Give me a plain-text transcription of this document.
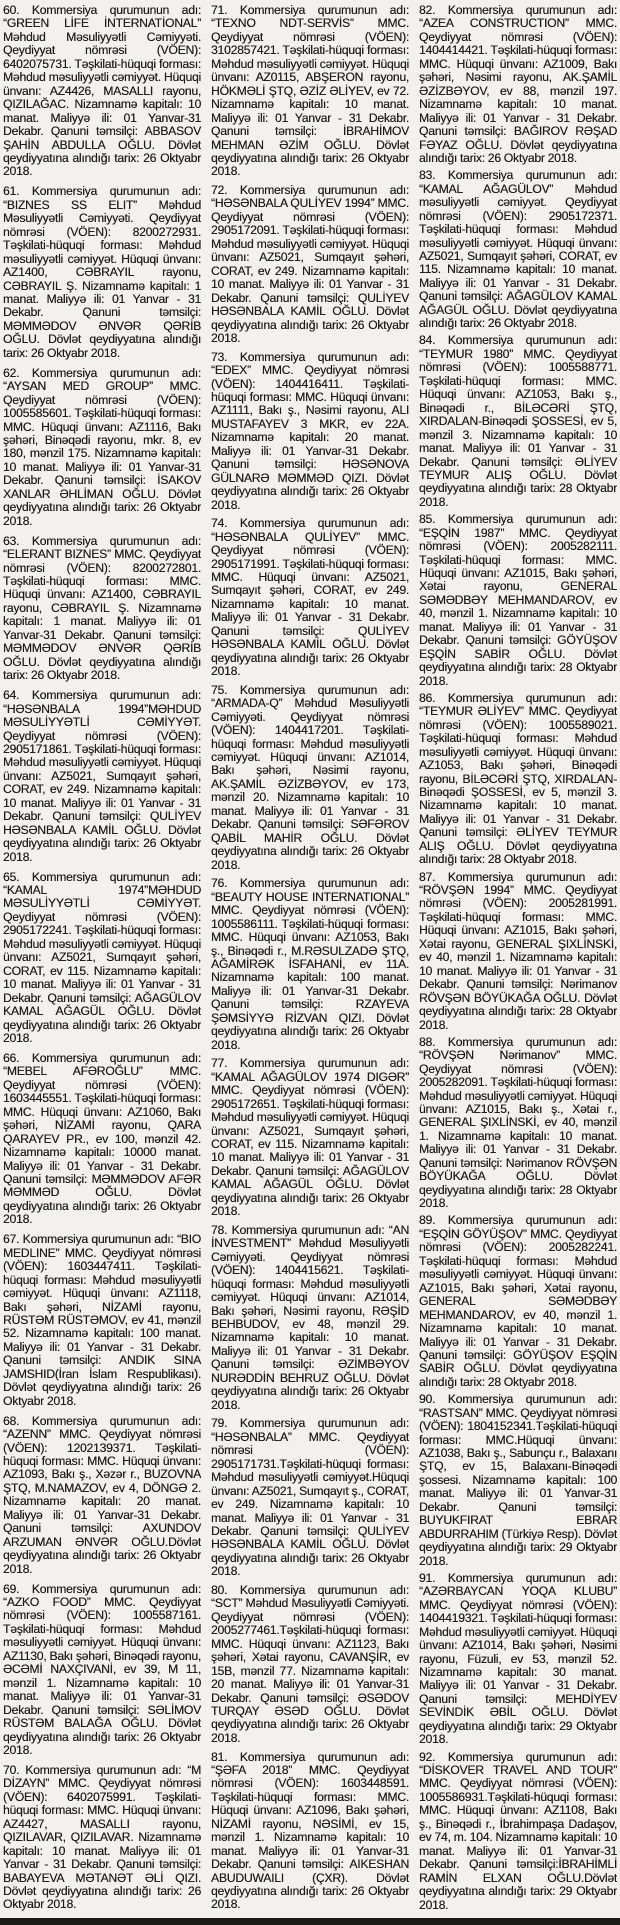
60. Kommersiya qurumunun adı: “GREEN LİFE İNTERNATİONAL” Məhdud Məsuliyyətli Cəmiyyəti. Qeydiyyat nömrəsi (VÖEN): 6402075731. Təşkilati-hüquqi forması: Məhdud məsuliyyətli cəmiyyət. Hüquqi ünvanı: AZ4426, MASALLI rayonu, QIZILAĞAC. Nizamnamə kapitalı: 10 manat. Maliyyə ili: 01 Yanvar-31 Dekabr. Qanuni təmsilçi: ABBASOV ŞAHİN ABDULLA OĞLU. Dövlət qeydiyyatına alındığı tarix: 26 Oktyabr 2018.

61. Kommersiya qurumunun adı: “BIZNES SS ELIT” Məhdud Məsuliyyətli Cəmiyyəti. Qeydiyyat nömrəsi (VÖEN): 8200272931. Təşkilati-hüquqi forması: Məhdud məsuliyyətli cəmiyyət. Hüquqi ünvanı: AZ1400, CƏBRAYIL rayonu, CƏBRAYIL Ş. Nizamnamə kapitalı: 1 manat. Maliyyə ili: 01 Yanvar - 31 Dekabr. Qanuni təmsilçi: MƏMMƏDOV ƏNVƏR QƏRİB OĞLU. Dövlət qeydiyyatına alındığı tarix: 26 Oktyabr 2018.

62. Kommersiya qurumunun adı: “AYSAN MED GROUP” MMC. Qeydiyyat nömrəsi (VÖEN): 1005585601. Təşkilati-hüquqi forması: MMC. Hüquqi ünvanı: AZ1116, Bakı şəhəri, Binəqədi rayonu, mkr. 8, ev 180, mənzil 175. Nizamnamə kapitalı: 10 manat. Maliyyə ili: 01 Yanvar-31 Dekabr. Qanuni təmsilçi: İSAKOV XANLAR ƏHLİMAN OĞLU. Dövlət qeydiyyatına alındığı tarix: 26 Oktyabr 2018.

63. Kommersiya qurumunun adı: “ELERANT BIZNES” MMC. Qeydiyyat nömrəsi (VÖEN): 8200272801. Təşkilati-hüquqi forması: MMC. Hüquqi ünvanı: AZ1400, CƏBRAYIL rayonu, CƏBRAYIL Ş. Nizamnamə kapitalı: 1 manat. Maliyyə ili: 01 Yanvar-31 Dekabr. Qanuni təmsilçi: MƏMMƏDOV ƏNVƏR QƏRİB OĞLU. Dövlət qeydiyyatına alındığı tarix: 26 Oktyabr 2018.

64. Kommersiya qurumunun adı: “HƏSƏNBALA 1994”MƏHDUD MƏSULİYYƏTLİ CƏMİYYƏT. Qeydiyyat nömrəsi (VÖEN): 2905171861. Təşkilati-hüquqi forması: Məhdud məsuliyyətli cəmiyyət. Hüquqi ünvanı: AZ5021, Sumqayıt şəhəri, CORAT, ev 249. Nizamnamə kapitalı: 10 manat. Maliyyə ili: 01 Yanvar - 31 Dekabr. Qanuni təmsilçi: QULİYEV HƏSƏNBALA KAMİL OĞLU. Dövlət qeydiyyatına alındığı tarix: 26 Oktyabr 2018.

65. Kommersiya qurumunun adı: “KAMAL 1974”MƏHDUD MƏSULİYYƏTLİ CƏMİYYƏT. Qeydiyyat nömrəsi (VÖEN): 2905172241. Təşkilati-hüquqi forması: Məhdud məsuliyyətli cəmiyyət. Hüquqi ünvanı: AZ5021, Sumqayıt şəhəri, CORAT, ev 115. Nizamnamə kapitalı: 10 manat. Maliyyə ili: 01 Yanvar - 31 Dekabr. Qanuni təmsilçi: AĞAGÜLOV KAMAL AĞAGÜL OĞLU. Dövlət qeydiyyatına alındığı tarix: 26 Oktyabr 2018.

66. Kommersiya qurumunun adı: “MEBEL AFƏROĞLU” MMC. Qeydiyyat nömrəsi (VÖEN): 1603445551. Təşkilati-hüquqi forması: MMC. Hüquqi ünvanı: AZ1060, Bakı şəhəri, NİZAMİ rayonu, QARA QARAYEV PR., ev 100, mənzil 42. Nizamnamə kapitalı: 10000 manat. Maliyyə ili: 01 Yanvar - 31 Dekabr. Qanuni təmsilçi: MƏMMƏDOV AFƏR MƏMMƏD OĞLU. Dövlət qeydiyyatına alındığı tarix: 26 Oktyabr 2018.

67. Kommersiya qurumunun adı: “BIO MEDLINE” MMC. Qeydiyyat nömrəsi (VÖEN): 1603447411. Təşkilati-hüquqi forması: Məhdud məsuliyyətli cəmiyyət. Hüquqi ünvanı: AZ1118, Bakı şəhəri, NİZAMİ rayonu, RÜSTƏM RÜSTƏMOV, ev 41, mənzil 52. Nizamnamə kapitalı: 100 manat. Maliyyə ili: 01 Yanvar - 31 Dekabr. Qanuni təmsilçi: ANDIK SINA JAMSHID(İran İslam Respublikası). Dövlət qeydiyyatına alındığı tarix: 26 Oktyabr 2018.

68. Kommersiya qurumunun adı: “AZENN” MMC. Qeydiyyat nömrəsi (VÖEN): 1202139371. Təşkilati-hüquqi forması: MMC. Hüquqi ünvanı: AZ1093, Bakı ş., Xəzər r., BUZOVNA ŞTQ, M.NAMAZOV, ev 4, DÖNGƏ 2. Nizamnamə kapitalı: 20 manat. Maliyyə ili: 01 Yanvar-31 Dekabr. Qanuni təmsilçi: AXUNDOV ARZUMAN ƏNVƏR OĞLU.Dövlət qeydiyyatına alındığı tarix: 26 Oktyabr 2018.

69. Kommersiya qurumunun adı: “AZKO FOOD” MMC. Qeydiyyat nömrəsi (VÖEN): 1005587161. Təşkilati-hüquqi forması: Məhdud məsuliyyətli cəmiyyət. Hüquqi ünvanı: AZ1130, Bakı şəhəri, Binəqədi rayonu, ƏCƏMİ NAXÇIVANİ, ev 39, M 11, mənzil 1. Nizamnamə kapitalı: 10 manat. Maliyyə ili: 01 Yanvar-31 Dekabr. Qanuni təmsilçi: SƏLİMOV RÜSTƏM BALAĞA OĞLU. Dövlət qeydiyyatına alındığı tarix: 26 Oktyabr 2018.

70. Kommersiya qurumunun adı: “M DİZAYN” MMC. Qeydiyyat nömrəsi (VÖEN): 6402075991. Təşkilati-hüquqi forması: MMC. Hüquqi ünvanı: AZ4427, MASALLI rayonu, QIZILAVAR, QIZILAVAR. Nizamnamə kapitalı: 10 manat. Maliyyə ili: 01 Yanvar - 31 Dekabr. Qanuni təmsilçi: BABAYEVA MƏTANƏT ƏLİ QIZI. Dövlət qeydiyyatına alındığı tarix: 26 Oktyabr 2018.

71. Kommersiya qurumunun adı: “TEXNO NDT-SERVİS” MMC. Qeydiyyat nömrəsi (VÖEN): 3102857421. Təşkilati-hüquqi forması: Məhdud məsuliyyətli cəmiyyət. Hüquqi ünvanı: AZ0115, ABŞERON rayonu, HÖKMƏLİ ŞTQ, ƏZİZ ƏLİYEV, ev 72. Nizamnamə kapitalı: 10 manat. Maliyyə ili: 01 Yanvar - 31 Dekabr. Qanuni təmsilçi: İBRAHİMOV MEHMAN ƏZİM OĞLU. Dövlət qeydiyyatına alındığı tarix: 26 Oktyabr 2018.

72. Kommersiya qurumunun adı: “HƏSƏNBALA QULİYEV 1994” MMC. Qeydiyyat nömrəsi (VÖEN): 2905172091. Təşkilati-hüquqi forması: Məhdud məsuliyyətli cəmiyyət. Hüquqi ünvanı: AZ5021, Sumqayıt şəhəri, CORAT, ev 249. Nizamnamə kapitalı: 10 manat. Maliyyə ili: 01 Yanvar - 31 Dekabr. Qanuni təmsilçi: QULİYEV HƏSƏNBALA KAMİL OĞLU. Dövlət qeydiyyatına alındığı tarix: 26 Oktyabr 2018.

73. Kommersiya qurumunun adı: “EDEX” MMC. Qeydiyyat nömrəsi (VÖEN): 1404416411. Təşkilati-hüquqi forması: MMC. Hüquqi ünvanı: AZ1111, Bakı ş., Nəsimi rayonu, ALI MUSTAFAYEV 3 MKR, ev 22A. Nizamnamə kapitalı: 20 manat. Maliyyə ili: 01 Yanvar-31 Dekabr. Qanuni təmsilçi: HƏSƏNOVA GÜLNARƏ MƏMMƏD QIZI. Dövlət qeydiyyatına alındığı tarix: 26 Oktyabr 2018.

74. Kommersiya qurumunun adı: “HƏSƏNBALA QULİYEV” MMC. Qeydiyyat nömrəsi (VÖEN): 2905171991. Təşkilati-hüquqi forması: MMC. Hüquqi ünvanı: AZ5021, Sumqayıt şəhəri, CORAT, ev 249. Nizamnamə kapitalı: 10 manat. Maliyyə ili: 01 Yanvar - 31 Dekabr. Qanuni təmsilçi: QULİYEV HƏSƏNBALA KAMİL OĞLU. Dövlət qeydiyyatına alındığı tarix: 26 Oktyabr 2018.

75. Kommersiya qurumunun adı: “ARMADA-Q” Məhdud Məsuliyyətli Cəmiyyəti. Qeydiyyat nömrəsi (VÖEN): 1404417201. Təşkilati-hüquqi forması: Məhdud məsuliyyətli cəmiyyət. Hüquqi ünvanı: AZ1014, Bakı şəhəri, Nəsimi rayonu, AK.ŞAMİL ƏZİZBƏYOV, ev 173, mənzil 20. Nizamnamə kapitalı: 10 manat. Maliyyə ili: 01 Yanvar - 31 Dekabr. Qanuni təmsilçi: SƏFƏROV QABİL MAHİR OĞLU. Dövlət qeydiyyatına alındığı tarix: 26 Oktyabr 2018.

76. Kommersiya qurumunun adı: “BEAUTY HOUSE INTERNATIONAL” MMC. Qeydiyyat nömrəsi (VÖEN): 1005586111. Təşkilati-hüquqi forması: MMC. Hüquqi ünvanı: AZ1053, Bakı ş., Binəqədi r., M.RƏSULZADƏ ŞTQ, AĞAMİRƏK İSFAHANİ, ev 11A. Nizamnamə kapitalı: 100 manat. Maliyyə ili: 01 Yanvar-31 Dekabr. Qanuni təmsilçi: RZAYEVA ŞƏMSİYYƏ RİZVAN QIZI. Dövlət qeydiyyatına alındığı tarix: 26 Oktyabr 2018.

77. Kommersiya qurumunun adı: “KAMAL AĞAGÜLOV 1974 DIGƏR” MMC. Qeydiyyat nömrəsi (VÖEN): 2905172651. Təşkilati-hüquqi forması: Məhdud məsuliyyətli cəmiyyət. Hüquqi ünvanı: AZ5021, Sumqayıt şəhəri, CORAT, ev 115. Nizamnamə kapitalı: 10 manat. Maliyyə ili: 01 Yanvar - 31 Dekabr. Qanuni təmsilçi: AĞAGÜLOV KAMAL AĞAGÜL OĞLU. Dövlət qeydiyyatına alındığı tarix: 26 Oktyabr 2018.

78. Kommersiya qurumunun adı: “AN İNVESTMENT” Məhdud Məsuliyyətli Cəmiyyəti. Qeydiyyat nömrəsi (VÖEN): 1404415621. Təşkilati-hüquqi forması: Məhdud məsuliyyətli cəmiyyət. Hüquqi ünvanı: AZ1014, Bakı şəhəri, Nəsimi rayonu, RƏŞİD BEHBUDOV, ev 48, mənzil 29. Nizamnamə kapitalı: 10 manat. Maliyyə ili: 01 Yanvar - 31 Dekabr. Qanuni təmsilçi: ƏZİMBƏYOV NURƏDDİN BEHRUZ OĞLU. Dövlət qeydiyyatına alındığı tarix: 26 Oktyabr 2018.

79. Kommersiya qurumunun adı: “HƏSƏNBALA” MMC. Qeydiyyat nömrəsi (VÖEN): 2905171731.Təşkilati-hüquqi forması: Məhdud məsuliyyətli cəmiyyət.Hüquqi ünvanı: AZ5021, Sumqayıt ş., CORAT, ev 249. Nizamnamə kapitalı: 10 manat. Maliyyə ili: 01 Yanvar - 31 Dekabr. Qanuni təmsilçi: QULİYEV HƏSƏNBALA KAMİL OĞLU. Dövlət qeydiyyatına alındığı tarix: 26 Oktyabr 2018.

80. Kommersiya qurumunun adı: “SCT” Məhdud Məsuliyyətli Cəmiyyəti. Qeydiyyat nömrəsi (VÖEN): 2005277461.Təşkilati-hüquqi forması: MMC. Hüquqi ünvanı: AZ1123, Bakı şəhəri, Xətai rayonu, CAVANŞİR, ev 15B, mənzil 77. Nizamnamə kapitalı: 20 manat. Maliyyə ili: 01 Yanvar-31 Dekabr. Qanuni təmsilçi: ƏSƏDOV TURQAY ƏSƏD OĞLU. Dövlət qeydiyyatına alındığı tarix: 26 Oktyabr 2018.

81. Kommersiya qurumunun adı: “ŞƏFA 2018” MMC. Qeydiyyat nömrəsi (VÖEN): 1603448591. Təşkilati-hüquqi forması: MMC. Hüquqi ünvanı: AZ1096, Bakı şəhəri, NİZAMİ rayonu, NƏSİMİ, ev 15, mənzil 1. Nizamnamə kapitalı: 10 manat. Maliyyə ili: 01 Yanvar-31 Dekabr. Qanuni təmsilçi: AIKESHAN ABUDUWAILI (ÇXR). Dövlət qeydiyyatına alındığı tarix: 26 Oktyabr 2018.

82. Kommersiya qurumunun adı: “AZEA CONSTRUCTION” MMC. Qeydiyyat nömrəsi (VÖEN): 1404414421. Təşkilati-hüquqi forması: MMC. Hüquqi ünvanı: AZ1009, Bakı şəhəri, Nəsimi rayonu, AK.ŞAMİL ƏZİZBƏYOV, ev 88, mənzil 197. Nizamnamə kapitalı: 10 manat. Maliyyə ili: 01 Yanvar - 31 Dekabr. Qanuni təmsilçi: BAĞIROV RƏŞAD FƏYAZ OĞLU. Dövlət qeydiyyatına alındığı tarix: 26 Oktyabr 2018.

83. Kommersiya qurumunun adı: “KAMAL AĞAGÜLOV” Məhdud məsuliyyətli cəmiyyət. Qeydiyyat nömrəsi (VÖEN): 2905172371. Təşkilati-hüquqi forması: Məhdud məsuliyyətli cəmiyyət. Hüquqi ünvanı: AZ5021, Sumqayıt şəhəri, CORAT, ev 115. Nizamnamə kapitalı: 10 manat. Maliyyə ili: 01 Yanvar - 31 Dekabr. Qanuni təmsilçi: AĞAGÜLOV KAMAL AĞAGÜL OĞLU. Dövlət qeydiyyatına alındığı tarix: 26 Oktyabr 2018.

84. Kommersiya qurumunun adı: “TEYMUR 1980” MMC. Qeydiyyat nömrəsi (VÖEN): 1005588771. Təşkilati-hüquqi forması: MMC. Hüquqi ünvanı: AZ1053, Bakı ş., Binəqədi r., BİLƏCƏRİ ŞTQ, XIRDALAN-Binəqədi ŞOSSESİ, ev 5, mənzil 3. Nizamnamə kapitalı: 10 manat. Maliyyə ili: 01 Yanvar - 31 Dekabr. Qanuni təmsilçi: ƏLİYEV TEYMUR ALIŞ OĞLU. Dövlət qeydiyyatına alındığı tarix: 28 Oktyabr 2018.

85. Kommersiya qurumunun adı: “EŞQİN 1987” MMC. Qeydiyyat nömrəsi (VÖEN): 2005282111. Təşkilati-hüquqi forması: MMC. Hüquqi ünvanı: AZ1015, Bakı şəhəri, Xətai rayonu, GENERAL SƏMƏDBƏY MEHMANDAROV, ev 40, mənzil 1. Nizamnamə kapitalı: 10 manat. Maliyyə ili: 01 Yanvar - 31 Dekabr. Qanuni təmsilçi: GÖYÜŞOV EŞQİN SABİR OĞLU. Dövlət qeydiyyatına alındığı tarix: 28 Oktyabr 2018.

86. Kommersiya qurumunun adı: “TEYMUR ƏLİYEV” MMC. Qeydiyyat nömrəsi (VÖEN): 1005589021. Təşkilati-hüquqi forması: Məhdud məsuliyyətli cəmiyyət. Hüquqi ünvanı: AZ1053, Bakı şəhəri, Binəqədi rayonu, BİLƏCƏRİ ŞTQ, XIRDALAN-Binəqədi ŞOSSESİ, ev 5, mənzil 3. Nizamnamə kapitalı: 10 manat. Maliyyə ili: 01 Yanvar - 31 Dekabr. Qanuni təmsilçi: ƏLİYEV TEYMUR ALIŞ OĞLU. Dövlət qeydiyyatına alındığı tarix: 28 Oktyabr 2018.

87. Kommersiya qurumunun adı: “RÖVŞƏN 1994” MMC. Qeydiyyat nömrəsi (VÖEN): 2005281991. Təşkilati-hüquqi forması: MMC. Hüquqi ünvanı: AZ1015, Bakı şəhəri, Xətai rayonu, GENERAL ŞIXLİNSKİ, ev 40, mənzil 1. Nizamnamə kapitalı: 10 manat. Maliyyə ili: 01 Yanvar - 31 Dekabr. Qanuni təmsilçi: Nərimanov RÖVŞƏN BÖYÜKAĞA OĞLU. Dövlət qeydiyyatına alındığı tarix: 28 Oktyabr 2018.

88. Kommersiya qurumunun adı: “RÖVŞƏN Nərimanov” MMC. Qeydiyyat nömrəsi (VÖEN): 2005282091. Təşkilati-hüquqi forması: Məhdud məsuliyyətli cəmiyyət. Hüquqi ünvanı: AZ1015, Bakı ş., Xətai r., GENERAL ŞIXLİNSKİ, ev 40, mənzil 1. Nizamnamə kapitalı: 10 manat. Maliyyə ili: 01 Yanvar - 31 Dekabr. Qanuni təmsilçi: Nərimanov RÖVŞƏN BÖYÜKAĞA OĞLU. Dövlət qeydiyyatına alındığı tarix: 28 Oktyabr 2018.

89. Kommersiya qurumunun adı: “EŞQİN GÖYÜŞOV” MMC. Qeydiyyat nömrəsi (VÖEN): 2005282241. Təşkilati-hüquqi forması: Məhdud məsuliyyətli cəmiyyət. Hüquqi ünvanı: AZ1015, Bakı şəhəri, Xətai rayonu, GENERAL SƏMƏDBƏY MEHMANDAROV, ev 40, mənzil 1. Nizamnamə kapitalı: 10 manat. Maliyyə ili: 01 Yanvar - 31 Dekabr. Qanuni təmsilçi: GÖYÜŞOV EŞQİN SABİR OĞLU. Dövlət qeydiyyatına alındığı tarix: 28 Oktyabr 2018.

90. Kommersiya qurumunun adı: “RASTSAN” MMC. Qeydiyyat nömrəsi (VÖEN): 1804152341.Təşkilati-hüquqi forması: MMC.Hüquqi ünvanı: AZ1038, Bakı ş., Sabunçu r., Balaxanı ŞTQ, ev 15, Balaxanı-Binəqədi şossesi. Nizamnamə kapitalı: 100 manat. Maliyyə ili: 01 Yanvar-31 Dekabr. Qanuni təmsilçi: BUYUKFIRAT EBRAR ABDURRAHIM (Türkiyə Resp). Dövlət qeydiyyatına alındığı tarix: 29 Oktyabr 2018.

91. Kommersiya qurumunun adı: “AZƏRBAYCAN YOQA KLUBU” MMC. Qeydiyyat nömrəsi (VÖEN): 1404419321. Təşkilati-hüquqi forması: Məhdud məsuliyyətli cəmiyyət. Hüquqi ünvanı: AZ1014, Bakı şəhəri, Nəsimi rayonu, Füzuli, ev 53, mənzil 52. Nizamnamə kapitalı: 30 manat. Maliyyə ili: 01 Yanvar - 31 Dekabr. Qanuni təmsilçi: MEHDİYEV SEVİNDİK ƏBİL OĞLU. Dövlət qeydiyyatına alındığı tarix: 29 Oktyabr 2018.

92. Kommersiya qurumunun adı: “DİSKOVER TRAVEL AND TOUR” MMC. Qeydiyyat nömrəsi (VÖEN): 1005586931.Təşkilati-hüquqi forması: MMC. Hüquqi ünvanı: AZ1108, Bakı ş., Binəqədi r., İbrahimpaşa Dadaşov, ev 74, m. 104. Nizamnamə kapitalı: 10 manat. Maliyyə ili: 01 Yanvar-31 Dekabr. Qanuni təmsilçi:İBRAHİMLİ RAMİN ELXAN OĞLU.Dövlət qeydiyyatına alındığı tarix: 29 Oktyabr 2018.
